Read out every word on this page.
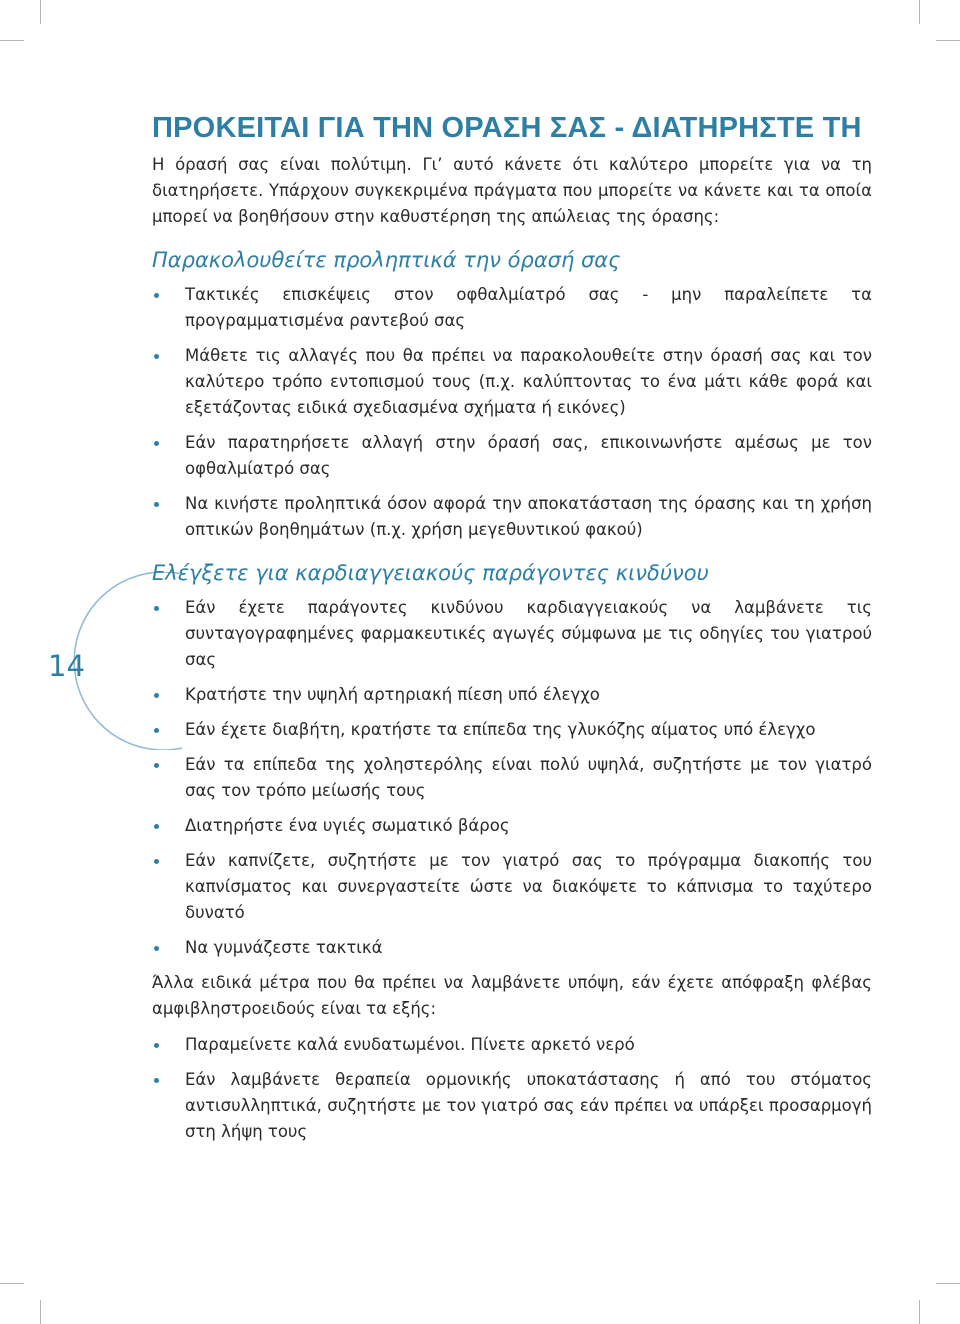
14
ΠΡΟΚΕΙΤΑΙ ΓΙΑ ΤΗΝ ΟΡΑΣΗ ΣΑΣ - ΔΙΑΤΗΡΗΣΤΕ ΤΗ

Η όρασή σας είναι πολύτιμη. Γι’ αυτό κάνετε ότι καλύτερο μπορείτε για να τη διατηρήσετε. Υπάρχουν συγκεκριμένα πράγματα που μπορείτε να κάνετε και τα οποία μπορεί να βοηθήσουν στην καθυστέρηση της απώλειας της όρασης:

Παρακολουθείτε προληπτικά την όρασή σας
Τακτικές επισκέψεις στον οφθαλμίατρό σας - μην παραλείπετε τα προγραμματισμένα ραντεβού σας
Μάθετε τις αλλαγές που θα πρέπει να παρακολουθείτε στην όρασή σας και τον καλύτερο τρόπο εντοπισμού τους (π.χ. καλύπτοντας το ένα μάτι κάθε φορά και εξετάζοντας ειδικά σχεδιασμένα σχήματα ή εικόνες)
Εάν παρατηρήσετε αλλαγή στην όρασή σας, επικοινωνήστε αμέσως με τον οφθαλμίατρό σας
Να κινήστε προληπτικά όσον αφορά την αποκατάσταση της όρασης και τη χρήση οπτικών βοηθημάτων (π.χ. χρήση μεγεθυντικού φακού)
Ελέγξετε για καρδιαγγειακούς παράγοντες κινδύνου
Εάν έχετε παράγοντες κινδύνου καρδιαγγειακούς να λαμβάνετε τις συνταγογραφημένες φαρμακευτικές αγωγές σύμφωνα με τις οδηγίες του γιατρού σας
Κρατήστε την υψηλή αρτηριακή πίεση υπό έλεγχο
Εάν έχετε διαβήτη, κρατήστε τα επίπεδα της γλυκόζης αίματος υπό έλεγχο
Εάν τα επίπεδα της χοληστερόλης είναι πολύ υψηλά, συζητήστε με τον γιατρό σας τον τρόπο μείωσής τους
Διατηρήστε ένα υγιές σωματικό βάρος
Εάν καπνίζετε, συζητήστε με τον γιατρό σας το πρόγραμμα διακοπής του καπνίσματος και συνεργαστείτε ώστε να διακόψετε το κάπνισμα το ταχύτερο δυνατό
Να γυμνάζεστε τακτικά

Άλλα ειδικά μέτρα που θα πρέπει να λαμβάνετε υπόψη, εάν έχετε απόφραξη φλέβας αμφιβληστροειδούς είναι τα εξής:

Παραμείνετε καλά ενυδατωμένοι. Πίνετε αρκετό νερό
Εάν λαμβάνετε θεραπεία ορμονικής υποκατάστασης ή από του στόματος αντισυλληπτικά, συζητήστε με τον γιατρό σας εάν πρέπει να υπάρξει προσαρμογή στη λήψη τους
